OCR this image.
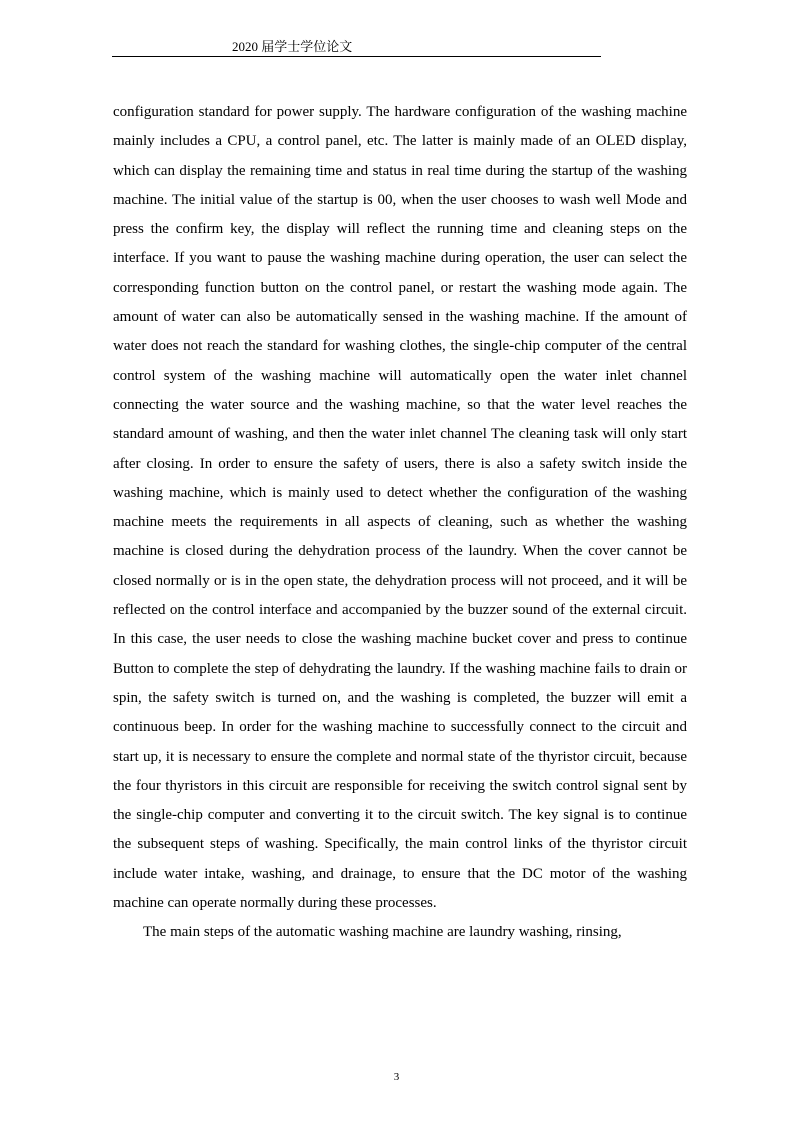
2020 届学士学位论文

configuration standard for power supply. The hardware configuration of the washing machine mainly includes a CPU, a control panel, etc. The latter is mainly made of an OLED display, which can display the remaining time and status in real time during the startup of the washing machine. The initial value of the startup is 00, when the user chooses to wash well Mode and press the confirm key, the display will reflect the running time and cleaning steps on the interface. If you want to pause the washing machine during operation, the user can select the corresponding function button on the control panel, or restart the washing mode again. The amount of water can also be automatically sensed in the washing machine. If the amount of water does not reach the standard for washing clothes, the single-chip computer of the central control system of the washing machine will automatically open the water inlet channel connecting the water source and the washing machine, so that the water level reaches the standard amount of washing, and then the water inlet channel The cleaning task will only start after closing. In order to ensure the safety of users, there is also a safety switch inside the washing machine, which is mainly used to detect whether the configuration of the washing machine meets the requirements in all aspects of cleaning, such as whether the washing machine is closed during the dehydration process of the laundry. When the cover cannot be closed normally or is in the open state, the dehydration process will not proceed, and it will be reflected on the control interface and accompanied by the buzzer sound of the external circuit. In this case, the user needs to close the washing machine bucket cover and press to continue Button to complete the step of dehydrating the laundry. If the washing machine fails to drain or spin, the safety switch is turned on, and the washing is completed, the buzzer will emit a continuous beep. In order for the washing machine to successfully connect to the circuit and start up, it is necessary to ensure the complete and normal state of the thyristor circuit, because the four thyristors in this circuit are responsible for receiving the switch control signal sent by the single-chip computer and converting it to the circuit switch. The key signal is to continue the subsequent steps of washing. Specifically, the main control links of the thyristor circuit include water intake, washing, and drainage, to ensure that the DC motor of the washing machine can operate normally during these processes.

The main steps of the automatic washing machine are laundry washing, rinsing,

3
